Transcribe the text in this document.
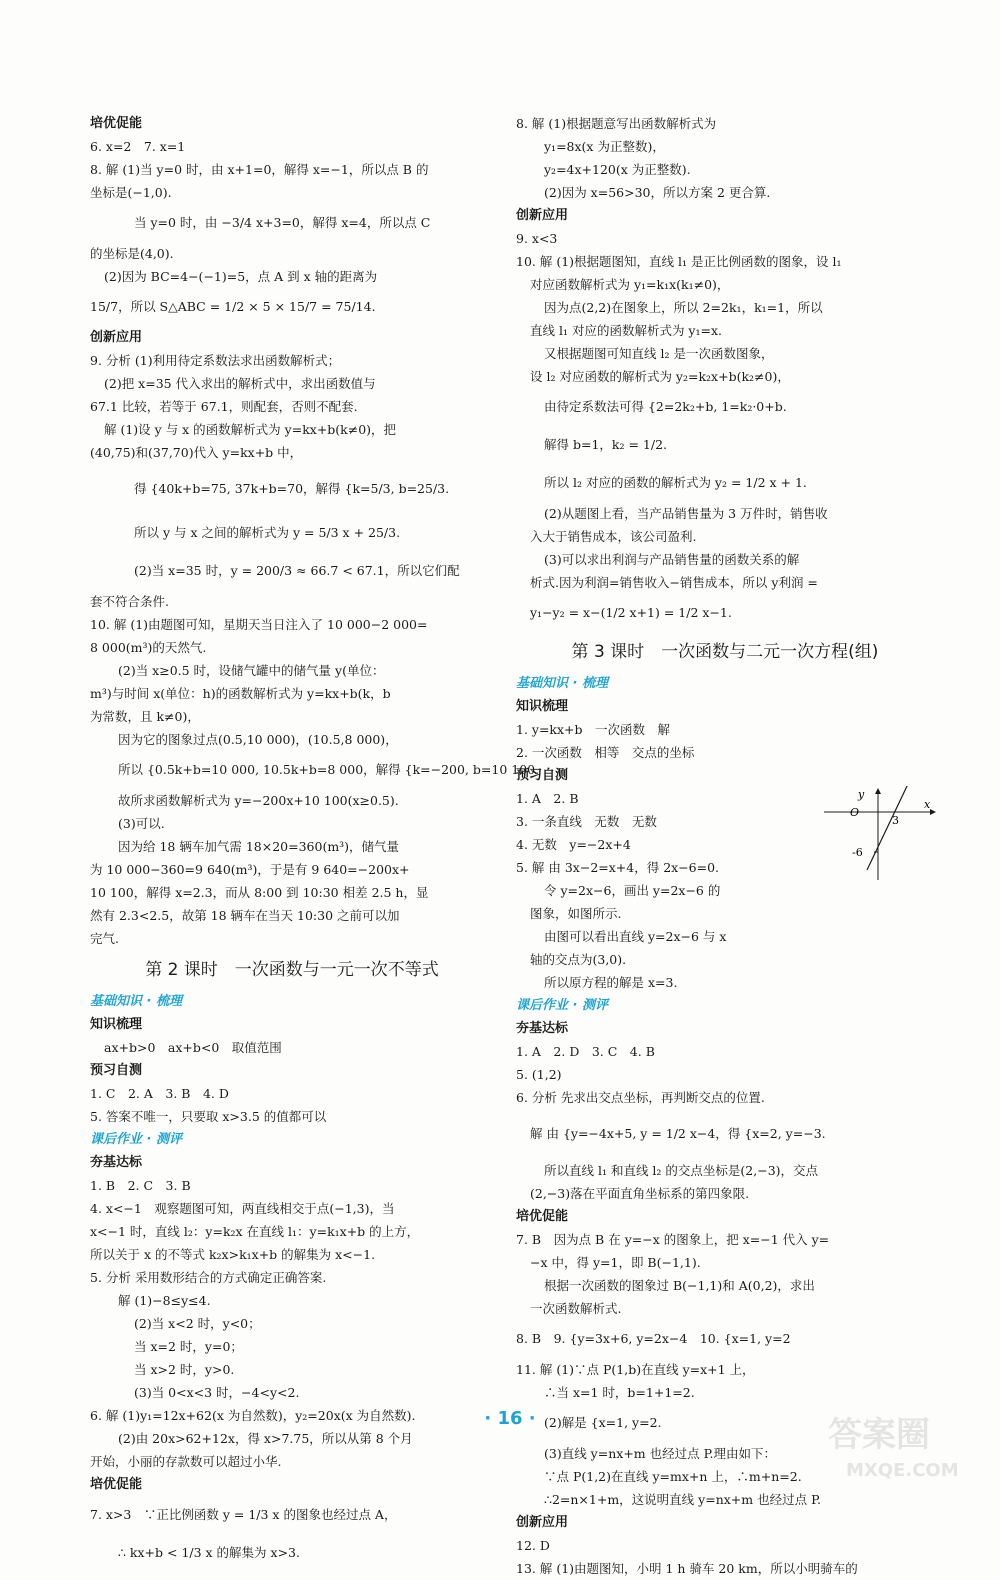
培优促能
6. x=2　7. x=1
8. 解 (1)当 y=0 时，由 x+1=0，解得 x=−1，所以点 B 的
坐标是(−1,0).
当 y=0 时，由 −3/4 x+3=0，解得 x=4，所以点 C
的坐标是(4,0).
(2)因为 BC=4−(−1)=5，点 A 到 x 轴的距离为
15/7，所以 S△ABC = 1/2 × 5 × 15/7 = 75/14.
创新应用
9. 分析 (1)利用待定系数法求出函数解析式；
(2)把 x=35 代入求出的解析式中，求出函数值与
67.1 比较，若等于 67.1，则配套，否则不配套.
解 (1)设 y 与 x 的函数解析式为 y=kx+b(k≠0)，把
(40,75)和(37,70)代入 y=kx+b 中，
得 {40k+b=75, 37k+b=70，解得 {k=5/3, b=25/3.
所以 y 与 x 之间的解析式为 y = 5/3 x + 25/3.
(2)当 x=35 时，y = 200/3 ≈ 66.7 < 67.1，所以它们配
套不符合条件.
10. 解 (1)由题图可知，星期天当日注入了 10 000−2 000=
8 000(m³)的天然气.
(2)当 x≥0.5 时，设储气罐中的储气量 y(单位：
m³)与时间 x(单位：h)的函数解析式为 y=kx+b(k，b
为常数，且 k≠0)，
因为它的图象过点(0.5,10 000)，(10.5,8 000)，
所以 {0.5k+b=10 000, 10.5k+b=8 000，解得 {k=−200, b=10 100.
故所求函数解析式为 y=−200x+10 100(x≥0.5).
(3)可以.
因为给 18 辆车加气需 18×20=360(m³)，储气量
为 10 000−360=9 640(m³)，于是有 9 640=−200x+
10 100，解得 x=2.3，而从 8:00 到 10:30 相差 2.5 h，显
然有 2.3<2.5，故第 18 辆车在当天 10:30 之前可以加
完气.
第 2 课时　一次函数与一元一次不等式
基础知识 · 梳理
知识梳理
ax+b>0　ax+b<0　取值范围
预习自测
1. C　2. A　3. B　4. D
5. 答案不唯一，只要取 x>3.5 的值都可以
课后作业 · 测评
夯基达标
1. B　2. C　3. B
4. x<−1　观察题图可知，两直线相交于点(−1,3)，当
x<−1 时，直线 l₂：y=k₂x 在直线 l₁：y=k₁x+b 的上方，
所以关于 x 的不等式 k₂x>k₁x+b 的解集为 x<−1.
5. 分析 采用数形结合的方式确定正确答案.
解 (1)−8≤y≤4.
(2)当 x<2 时，y<0；
当 x=2 时，y=0；
当 x>2 时，y>0.
(3)当 0<x<3 时，−4<y<2.
6. 解 (1)y₁=12x+62(x 为自然数)，y₂=20x(x 为自然数).
(2)由 20x>62+12x，得 x>7.75，所以从第 8 个月
开始，小丽的存款数可以超过小华.
培优促能
7. x>3　∵正比例函数 y = 1/3 x 的图象也经过点 A，
∴ kx+b < 1/3 x 的解集为 x>3.
8. 解 (1)根据题意写出函数解析式为
y₁=8x(x 为正整数)，
y₂=4x+120(x 为正整数).
(2)因为 x=56>30，所以方案 2 更合算.
创新应用
9. x<3
10. 解 (1)根据题图知，直线 l₁ 是正比例函数的图象，设 l₁
对应函数解析式为 y₁=k₁x(k₁≠0)，
因为点(2,2)在图象上，所以 2=2k₁，k₁=1，所以
直线 l₁ 对应的函数解析式为 y₁=x.
又根据题图可知直线 l₂ 是一次函数图象，
设 l₂ 对应函数的解析式为 y₂=k₂x+b(k₂≠0)，
由待定系数法可得 {2=2k₂+b, 1=k₂·0+b.
解得 b=1，k₂ = 1/2.
所以 l₂ 对应的函数的解析式为 y₂ = 1/2 x + 1.
(2)从题图上看，当产品销售量为 3 万件时，销售收
入大于销售成本，该公司盈利.
(3)可以求出利润与产品销售量的函数关系的解
析式.因为利润=销售收入−销售成本，所以 y利润 =
y₁−y₂ = x−(1/2 x+1) = 1/2 x−1.
第 3 课时　一次函数与二元一次方程(组)
基础知识 · 梳理
知识梳理
1. y=kx+b　一次函数　解
2. 一次函数　相等　交点的坐标
预习自测
1. A　2. B
3. 一条直线　无数　无数
4. 无数　y=−2x+4
5. 解 由 3x−2=x+4，得 2x−6=0.
令 y=2x−6，画出 y=2x−6 的
图象，如图所示.
由图可以看出直线 y=2x−6 与 x
轴的交点为(3,0).
所以原方程的解是 x=3.
课后作业 · 测评
夯基达标
1. A　2. D　3. C　4. B
5. (1,2)
6. 分析 先求出交点坐标，再判断交点的位置.
解 由 {y=−4x+5, y = 1/2 x−4，得 {x=2, y=−3.
所以直线 l₁ 和直线 l₂ 的交点坐标是(2,−3)，交点
(2,−3)落在平面直角坐标系的第四象限.
培优促能
7. B　因为点 B 在 y=−x 的图象上，把 x=−1 代入 y=
−x 中，得 y=1，即 B(−1,1).
根据一次函数的图象过 B(−1,1)和 A(0,2)，求出
一次函数解析式.
8. B　9. {y=3x+6, y=2x−4　10. {x=1, y=2
11. 解 (1)∵点 P(1,b)在直线 y=x+1 上，
∴当 x=1 时，b=1+1=2.
(2)解是 {x=1, y=2.
(3)直线 y=nx+m 也经过点 P.理由如下：
∵点 P(1,2)在直线 y=mx+n 上，∴m+n=2.
∴2=n×1+m，这说明直线 y=nx+m 也经过点 P.
创新应用
12. D
13. 解 (1)由题图知，小明 1 h 骑车 20 km，所以小明骑车的
y
x
O
3
-6
· 16 ·	答案圈
MXQE.COM
